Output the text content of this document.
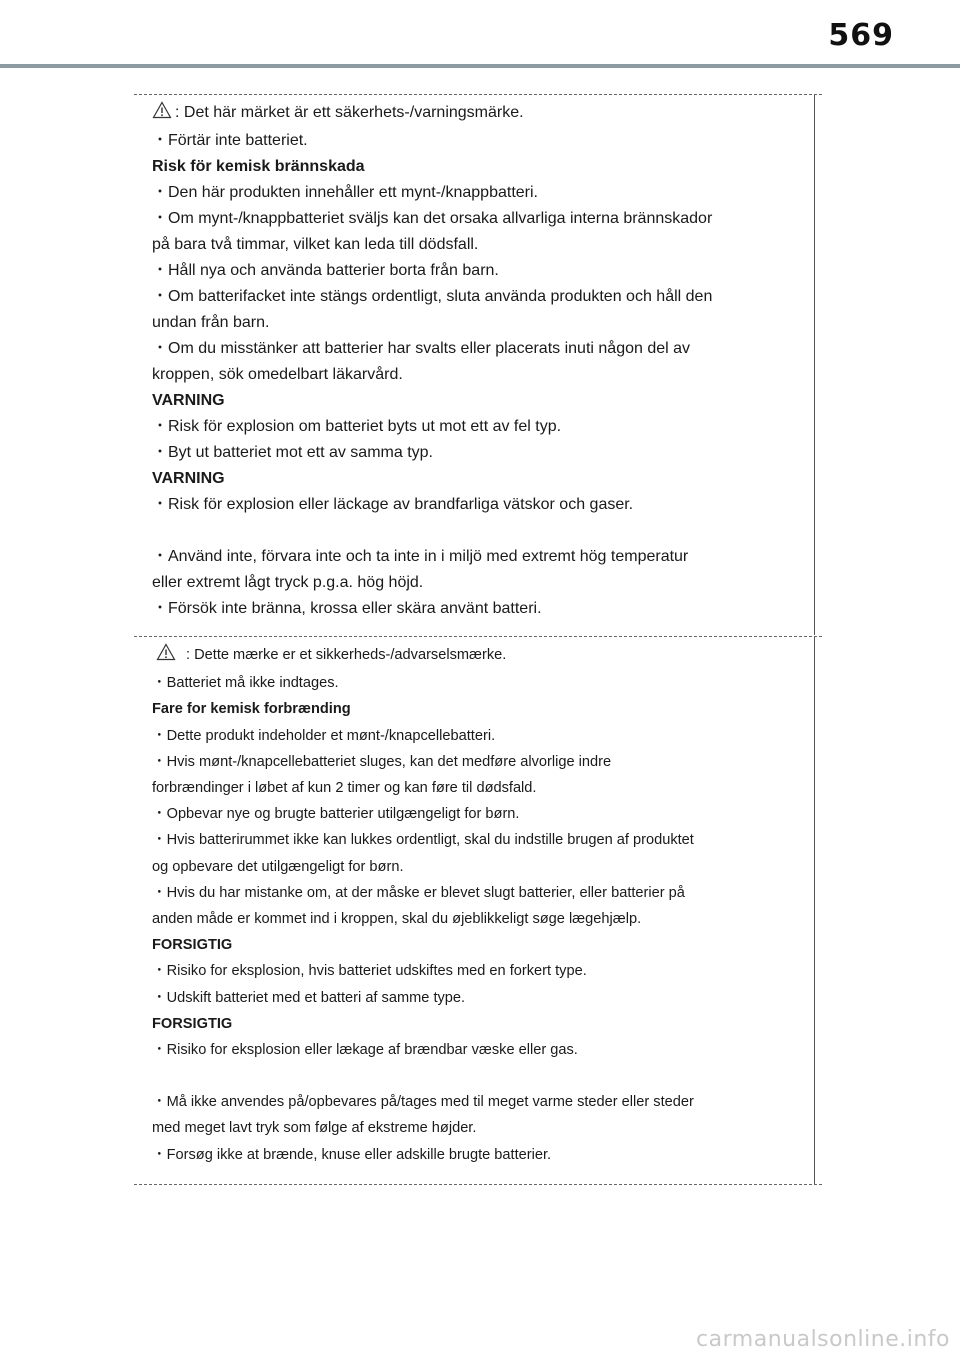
569
: Det här märket är ett säkerhets-/varningsmärke.
・Förtär inte batteriet.
Risk för kemisk brännskada
・Den här produkten innehåller ett mynt-/knappbatteri.
・Om mynt-/knappbatteriet sväljs kan det orsaka allvarliga interna brännskador
på bara två timmar, vilket kan leda till dödsfall.
・Håll nya och använda batterier borta från barn.
・Om batterifacket inte stängs ordentligt, sluta använda produkten och håll den
undan från barn.
・Om du misstänker att batterier har svalts eller placerats inuti någon del av
kroppen, sök omedelbart läkarvård.
VARNING
・Risk för explosion om batteriet byts ut mot ett av fel typ.
・Byt ut batteriet mot ett av samma typ.
VARNING
・Risk för explosion eller läckage av brandfarliga vätskor och gaser.
・Använd inte, förvara inte och ta inte in i miljö med extremt hög temperatur
eller extremt lågt tryck p.g.a. hög höjd.
・Försök inte bränna, krossa eller skära använt batteri.
: Dette mærke er et sikkerheds-/advarselsmærke.
・Batteriet må ikke indtages.
Fare for kemisk forbrænding
・Dette produkt indeholder et mønt-/knapcellebatteri.
・Hvis mønt-/knapcellebatteriet sluges, kan det medføre alvorlige indre
forbrændinger i løbet af kun 2 timer og kan føre til dødsfald.
・Opbevar nye og brugte batterier utilgængeligt for børn.
・Hvis batterirummet ikke kan lukkes ordentligt, skal du indstille brugen af produktet
og opbevare det utilgængeligt for børn.
・Hvis du har mistanke om, at der måske er blevet slugt batterier, eller batterier på
anden måde er kommet ind i kroppen, skal du øjeblikkeligt søge lægehjælp.
FORSIGTIG
・Risiko for eksplosion, hvis batteriet udskiftes med en forkert type.
・Udskift batteriet med et batteri af samme type.
FORSIGTIG
・Risiko for eksplosion eller lækage af brændbar væske eller gas.
・Må ikke anvendes på/opbevares på/tages med til meget varme steder eller steder
med meget lavt tryk som følge af ekstreme højder.
・Forsøg ikke at brænde, knuse eller adskille brugte batterier.
carmanualsonline.info
